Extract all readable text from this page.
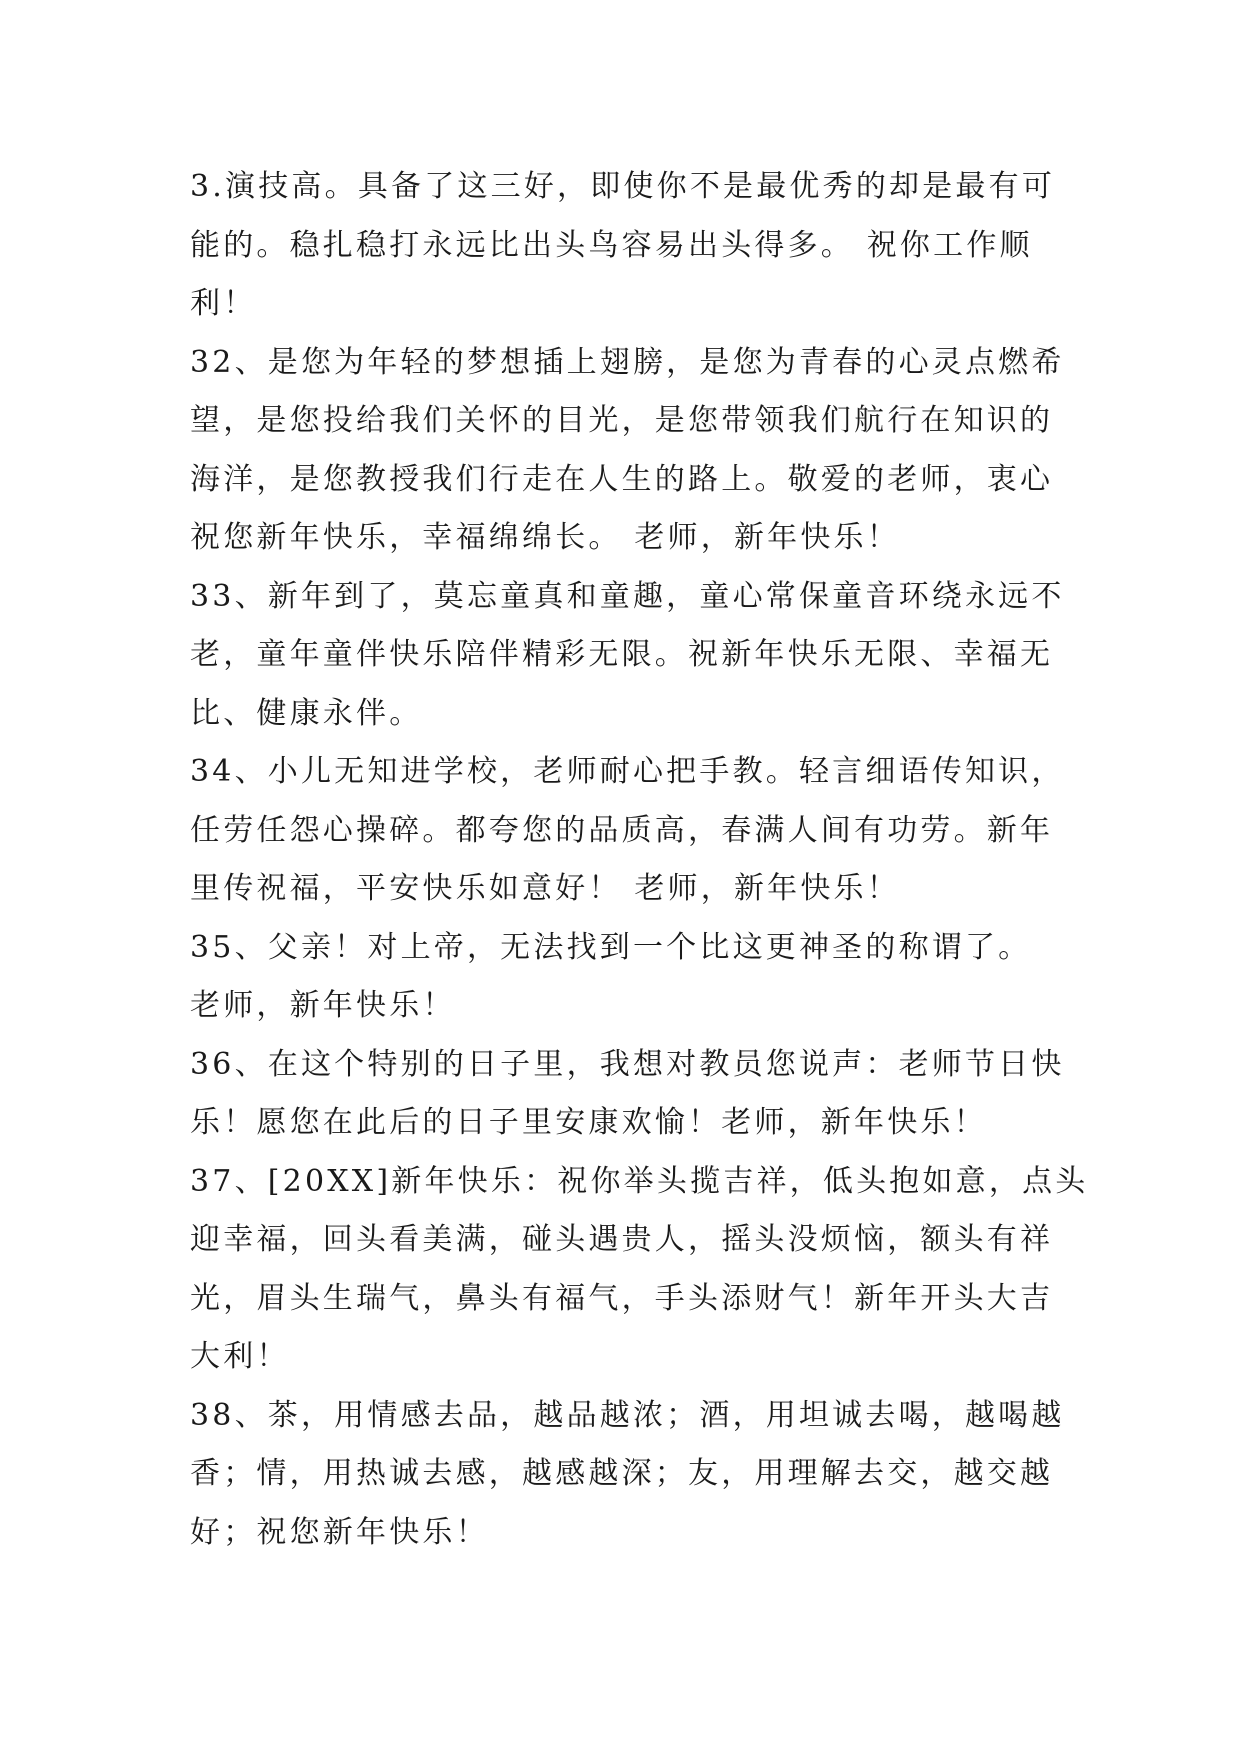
3.演技高。具备了这三好，即使你不是最优秀的却是最有可
能的。稳扎稳打永远比出头鸟容易出头得多。 祝你工作顺
利！
32、是您为年轻的梦想插上翅膀，是您为青春的心灵点燃希
望，是您投给我们关怀的目光，是您带领我们航行在知识的
海洋，是您教授我们行走在人生的路上。敬爱的老师，衷心
祝您新年快乐，幸福绵绵长。 老师，新年快乐！
33、新年到了，莫忘童真和童趣，童心常保童音环绕永远不
老，童年童伴快乐陪伴精彩无限。祝新年快乐无限、幸福无
比、健康永伴。
34、小儿无知进学校，老师耐心把手教。轻言细语传知识，
任劳任怨心操碎。都夸您的品质高，春满人间有功劳。新年
里传祝福，平安快乐如意好！ 老师，新年快乐！
35、父亲！对上帝，无法找到一个比这更神圣的称谓了。
老师，新年快乐！
36、在这个特别的日子里，我想对教员您说声：老师节日快
乐！愿您在此后的日子里安康欢愉！老师，新年快乐！
37、[20XX]新年快乐：祝你举头揽吉祥，低头抱如意，点头
迎幸福，回头看美满，碰头遇贵人，摇头没烦恼，额头有祥
光，眉头生瑞气，鼻头有福气，手头添财气！新年开头大吉
大利！
38、茶，用情感去品，越品越浓；酒，用坦诚去喝，越喝越
香；情，用热诚去感，越感越深；友，用理解去交，越交越
好；祝您新年快乐！
